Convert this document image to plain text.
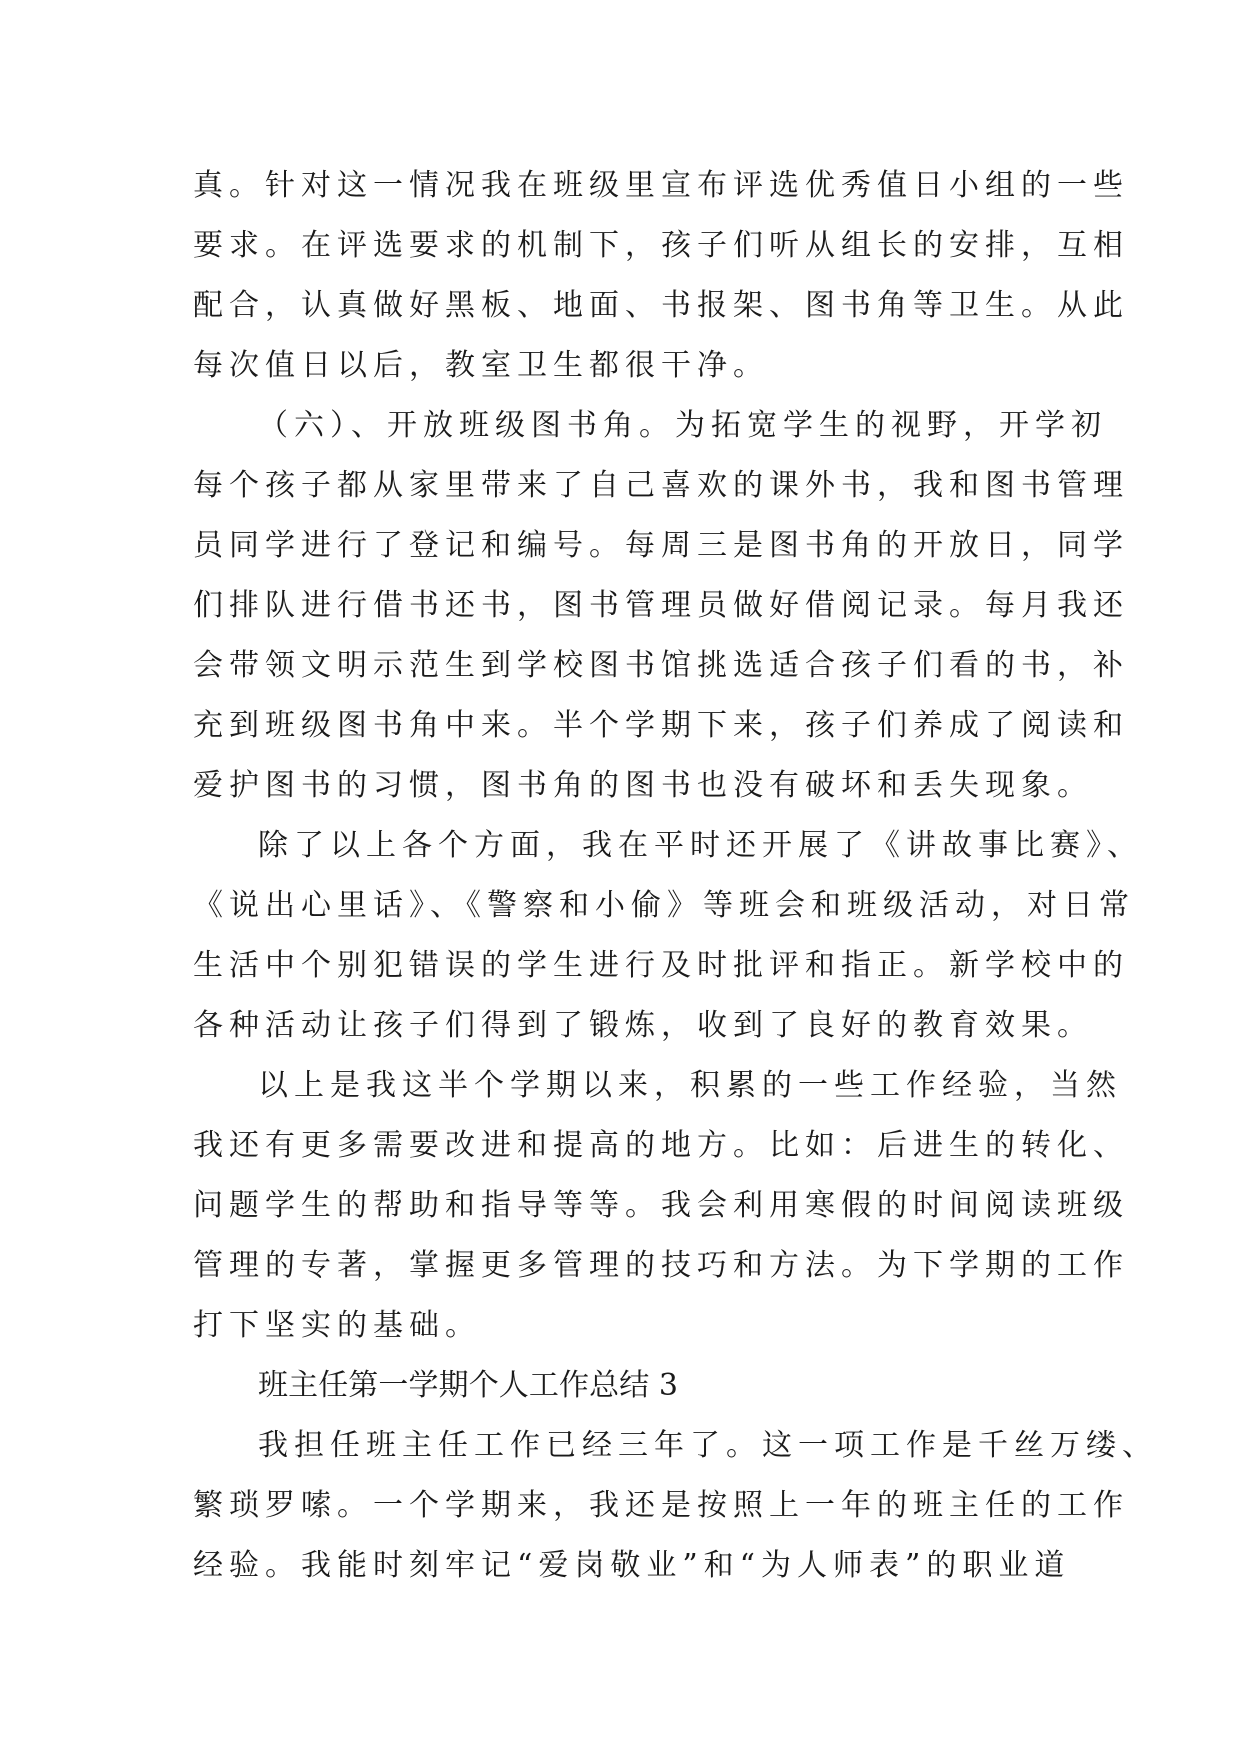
真。针对这一情况我在班级里宣布评选优秀值日小组的一些

要求。在评选要求的机制下，孩子们听从组长的安排，互相

配合，认真做好黑板、地面、书报架、图书角等卫生。从此

每次值日以后，教室卫生都很干净。

（六）、开放班级图书角。为拓宽学生的视野，开学初

每个孩子都从家里带来了自己喜欢的课外书，我和图书管理

员同学进行了登记和编号。每周三是图书角的开放日，同学

们排队进行借书还书，图书管理员做好借阅记录。每月我还

会带领文明示范生到学校图书馆挑选适合孩子们看的书，补

充到班级图书角中来。半个学期下来，孩子们养成了阅读和

爱护图书的习惯，图书角的图书也没有破坏和丢失现象。

除了以上各个方面，我在平时还开展了《讲故事比赛》、

《说出心里话》、《警察和小偷》等班会和班级活动，对日常

生活中个别犯错误的学生进行及时批评和指正。新学校中的

各种活动让孩子们得到了锻炼，收到了良好的教育效果。

以上是我这半个学期以来，积累的一些工作经验，当然

我还有更多需要改进和提高的地方。比如：后进生的转化、

问题学生的帮助和指导等等。我会利用寒假的时间阅读班级

管理的专著，掌握更多管理的技巧和方法。为下学期的工作

打下坚实的基础。

班主任第一学期个人工作总结 3

我担任班主任工作已经三年了。这一项工作是千丝万缕、

繁琐罗嗦。一个学期来，我还是按照上一年的班主任的工作

经验。我能时刻牢记“爱岗敬业”和“为人师表”的职业道
